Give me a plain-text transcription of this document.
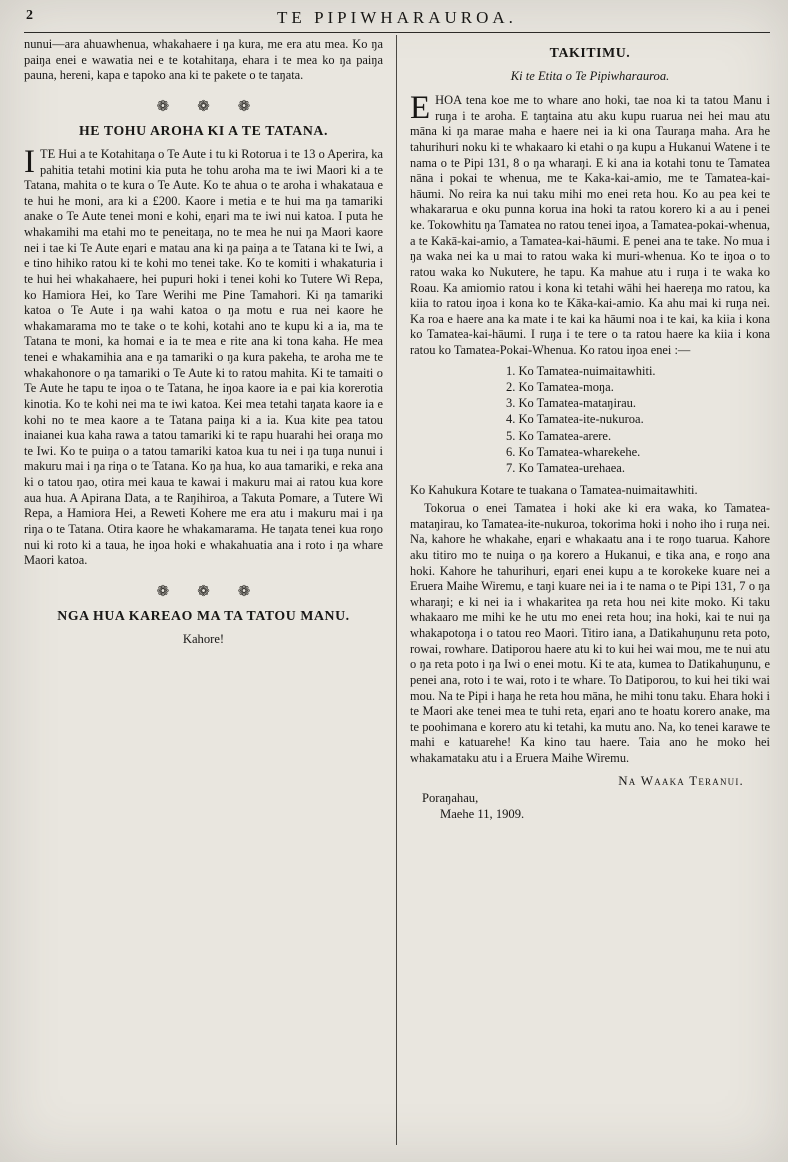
2	TE PIPIWHARAUROA.

nunui—ara ahuawhenua, whakahaere i ŋa kura, me era atu mea. Ko ŋa paiŋa enei e wawatia nei e te kotahitaŋa, ehara i te mea ko ŋa paiŋa pauna, hereni, kapa e tapoko ana ki te pakete o te taŋata.

❁ ❁ ❁
HE TOHU AROHA KI A TE TATANA.

ITE Hui a te Kotahitaŋa o Te Aute i tu ki Rotorua i te 13 o Aperira, ka pahitia tetahi motini kia puta he tohu aroha ma te iwi Maori ki a te Tatana, mahita o te kura o Te Aute. Ko te ahua o te aroha i whakataua e te hui he moni, ara ki a £200. Kaore i metia e te hui ma ŋa tamariki anake o Te Aute tenei moni e kohi, eŋari ma te iwi nui katoa. I puta he whakamihi ma etahi mo te peneitaŋa, no te mea he nui ŋa Maori kaore nei i tae ki Te Aute eŋari e matau ana ki ŋa paiŋa a te Tatana ki te Iwi, a e tino hihiko ratou ki te kohi mo tenei take. Ko te komiti i whakaturia i te hui hei whakahaere, hei pupuri hoki i tenei kohi ko Tutere Wi Repa, ko Hamiora Hei, ko Tare Werihi me Pine Tamahori. Ki ŋa tamariki katoa o Te Aute i ŋa wahi katoa o ŋa motu e rua nei kaore he whakamarama mo te take o te kohi, kotahi ano te kupu ki a ia, ma te Tatana te moni, ka homai e ia te mea e rite ana ki tona kaha. He mea tenei e whakamihia ana e ŋa tamariki o ŋa kura pakeha, te aroha me te whakahonore o ŋa tamariki o Te Aute ki to ratou mahita. Ki te tamaiti o Te Aute he tapu te iŋoa o te Tatana, he iŋoa kaore ia e pai kia korerotia kinotia. Ko te kohi nei ma te iwi katoa. Kei mea tetahi taŋata kaore ia e kohi no te mea kaore a te Tatana paiŋa ki a ia. Kua kite pea tatou inaianei kua kaha rawa a tatou tamariki ki te rapu huarahi hei oraŋa mo te Iwi. Ko te puiŋa o a tatou tamariki katoa kua tu nei i ŋa tuŋa nunui i makuru mai i ŋa riŋa o te Tatana. Ko ŋa hua, ko aua tamariki, e reka ana ki o tatou ŋao, otira mei kaua te kawai i makuru mai ai ratou kua kore aua hua. A Apirana Ŋata, a te Raŋihiroa, a Takuta Pomare, a Tutere Wi Repa, a Hamiora Hei, a Reweti Kohere me era atu i makuru mai i ŋa riŋa o te Tatana. Otira kaore he whakamarama. He taŋata tenei kua roŋo nui ki roto ki a taua, he iŋoa hoki e whakahuatia ana i roto i ŋa whare Maori katoa.

❁ ❁ ❁
NGA HUA KAREAO MA TA TATOU MANU.

Kahore!

TAKITIMU.

Ki te Etita o Te Pipiwharauroa.

EHOA tena koe me to whare ano hoki, tae noa ki ta tatou Manu i ruŋa i te aroha. E taŋtaina atu aku kupu ruarua nei hei mau atu māna ki ŋa marae maha e haere nei ia ki ona Tauraŋa maha. Ara he tahurihuri noku ki te whakaaro ki etahi o ŋa kupu a Hukanui Watene i te nama o te Pipi 131, 8 o ŋa wharaŋi. E ki ana ia kotahi tonu te Tamatea nāna i pokai te whenua, me te Kaka-kai-amio, me te Tamatea-kai-hāumi. No reira ka nui taku mihi mo enei reta hou. Ko au pea kei te whakararua e oku punna korua ina hoki ta ratou korero ki a au i penei ke. Tokowhitu ŋa Tamatea no ratou tenei iŋoa, a Tamatea-pokai-whenua, a te Kakā-kai-amio, a Tamatea-kai-hāumi. E penei ana te take. No mua i ŋa waka nei ka u mai to ratou waka ki muri-whenua. Ko te iŋoa o to ratou waka ko Nukutere, he tapu. Ka mahue atu i ruŋa i te waka ko Roau. Ka amiomio ratou i kona ki tetahi wāhi hei haereŋa mo ratou, ka kiia to ratou iŋoa i kona ko te Kāka-kai-amio. Ka ahu mai ki ruŋa nei. Ka roa e haere ana ka mate i te kai ka hāumi noa i te kai, ka kiia i kona ko Tamatea-kai-hāumi. I ruŋa i te tere o ta ratou haere ka kiia i kona ratou ko Tamatea-Pokai-Whenua. Ko ratou iŋoa enei :—

1. Ko Tamatea-nuimaitawhiti.
2. Ko Tamatea-moŋa.
3. Ko Tamatea-mataŋirau.
4. Ko Tamatea-ite-nukuroa.
5. Ko Tamatea-arere.
6. Ko Tamatea-wharekehe.
7. Ko Tamatea-urehaea.

Ko Kahukura Kotare te tuakana o Tamatea-nuimaitawhiti.

Tokorua o enei Tamatea i hoki ake ki era waka, ko Tamatea-mataŋirau, ko Tamatea-ite-nukuroa, tokorima hoki i noho iho i ruŋa nei. Na, kahore he whakahe, eŋari e whakaatu ana i te roŋo tuarua. Kahore aku titiro mo te nuiŋa o ŋa korero a Hukanui, e tika ana, e roŋo ana hoki. Kahore he tahurihuri, eŋari enei kupu a te korokeke kuare nei a Eruera Maihe Wiremu, e taŋi kuare nei ia i te nama o te Pipi 131, 7 o ŋa wharaŋi; e ki nei ia i whakaritea ŋa reta hou nei kite moko. Ki taku whakaaro me mihi ke he utu mo enei reta hou; ina hoki, kai te nui ŋa whakapotoŋa i o tatou reo Maori. Titiro iana, a Ŋatikahuŋunu reta poto, rowai, rowhare. Ŋatiporou haere atu ki to kui hei wai mou, me te nui atu o ŋa reta poto i ŋa Iwi o enei motu. Ki te ata, kumea to Ŋatikahuŋunu, e penei ana, roto i te wai, roto i te whare. To Ŋatiporou, to kui hei tiki wai mou. Na te Pipi i haŋa he reta hou māna, he mihi tonu taku. Ehara hoki i te Maori ake tenei mea te tuhi reta, eŋari ano te hoatu korero anake, ma te poohimana e korero atu ki tetahi, ka mutu ano. Na, ko tenei karawe te mahi e katuarehe! Ka kino tau haere. Taia ano he moko hei whakamataku atu i a Eruera Maihe Wiremu.

Na Waaka Teranui.

Poraŋahau,

Maehe 11, 1909.
